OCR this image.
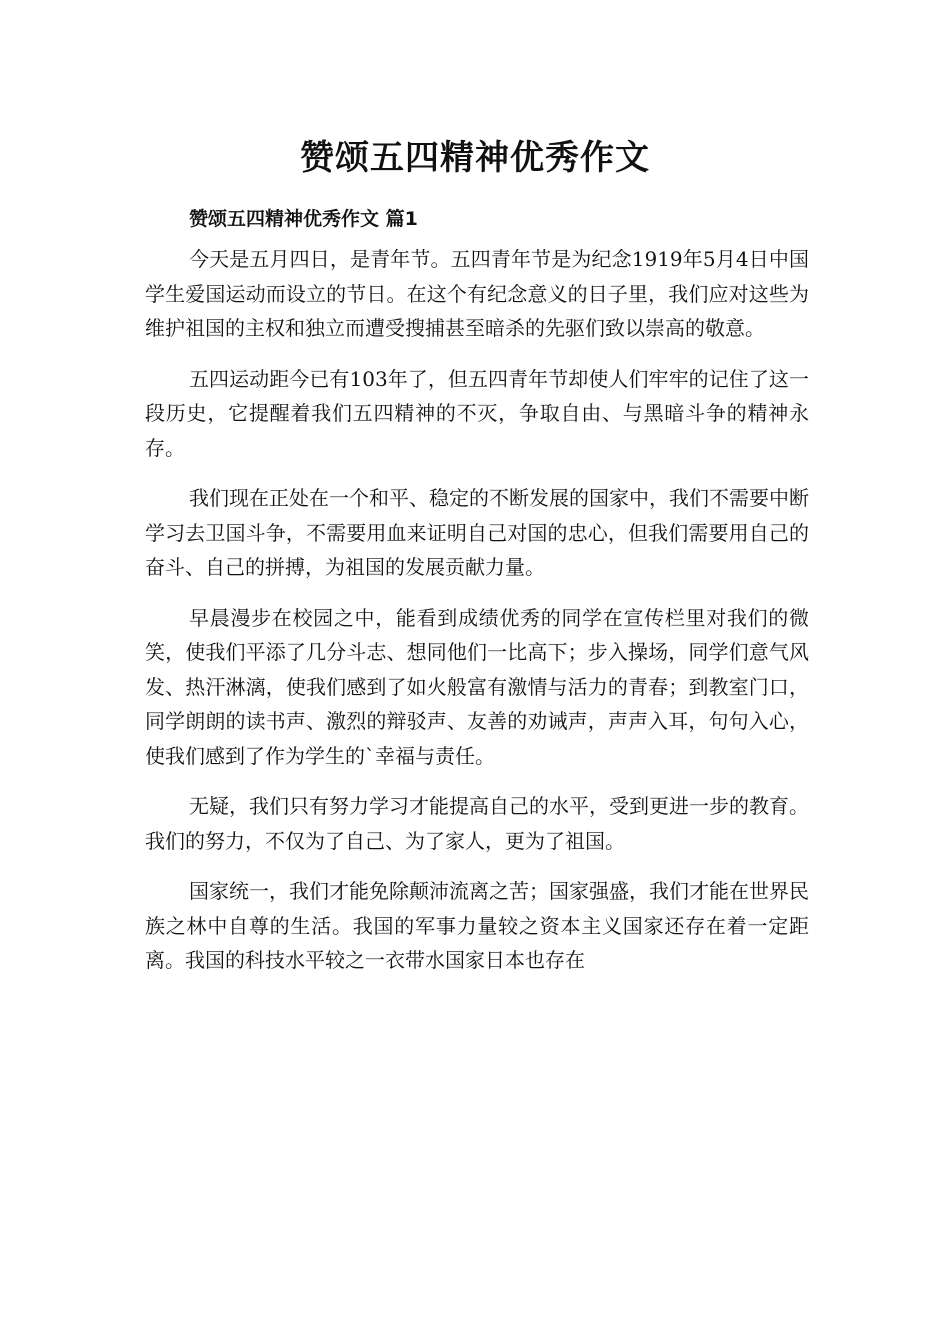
赞颂五四精神优秀作文
赞颂五四精神优秀作文 篇1

今天是五月四日，是青年节。五四青年节是为纪念1919年5月4日中国学生爱国运动而设立的节日。在这个有纪念意义的日子里，我们应对这些为维护祖国的主权和独立而遭受搜捕甚至暗杀的先驱们致以崇高的敬意。

五四运动距今已有103年了，但五四青年节却使人们牢牢的记住了这一段历史，它提醒着我们五四精神的不灭，争取自由、与黑暗斗争的精神永存。

我们现在正处在一个和平、稳定的不断发展的国家中，我们不需要中断学习去卫国斗争，不需要用血来证明自己对国的忠心，但我们需要用自己的奋斗、自己的拼搏，为祖国的发展贡献力量。

早晨漫步在校园之中，能看到成绩优秀的同学在宣传栏里对我们的微笑，使我们平添了几分斗志、想同他们一比高下；步入操场，同学们意气风发、热汗淋漓，使我们感到了如火般富有激情与活力的青春；到教室门口，同学朗朗的读书声、激烈的辩驳声、友善的劝诫声，声声入耳，句句入心，使我们感到了作为学生的`幸福与责任。

无疑，我们只有努力学习才能提高自己的水平，受到更进一步的教育。我们的努力，不仅为了自己、为了家人，更为了祖国。

国家统一，我们才能免除颠沛流离之苦；国家强盛，我们才能在世界民族之林中自尊的生活。我国的军事力量较之资本主义国家还存在着一定距离。我国的科技水平较之一衣带水国家日本也存在
